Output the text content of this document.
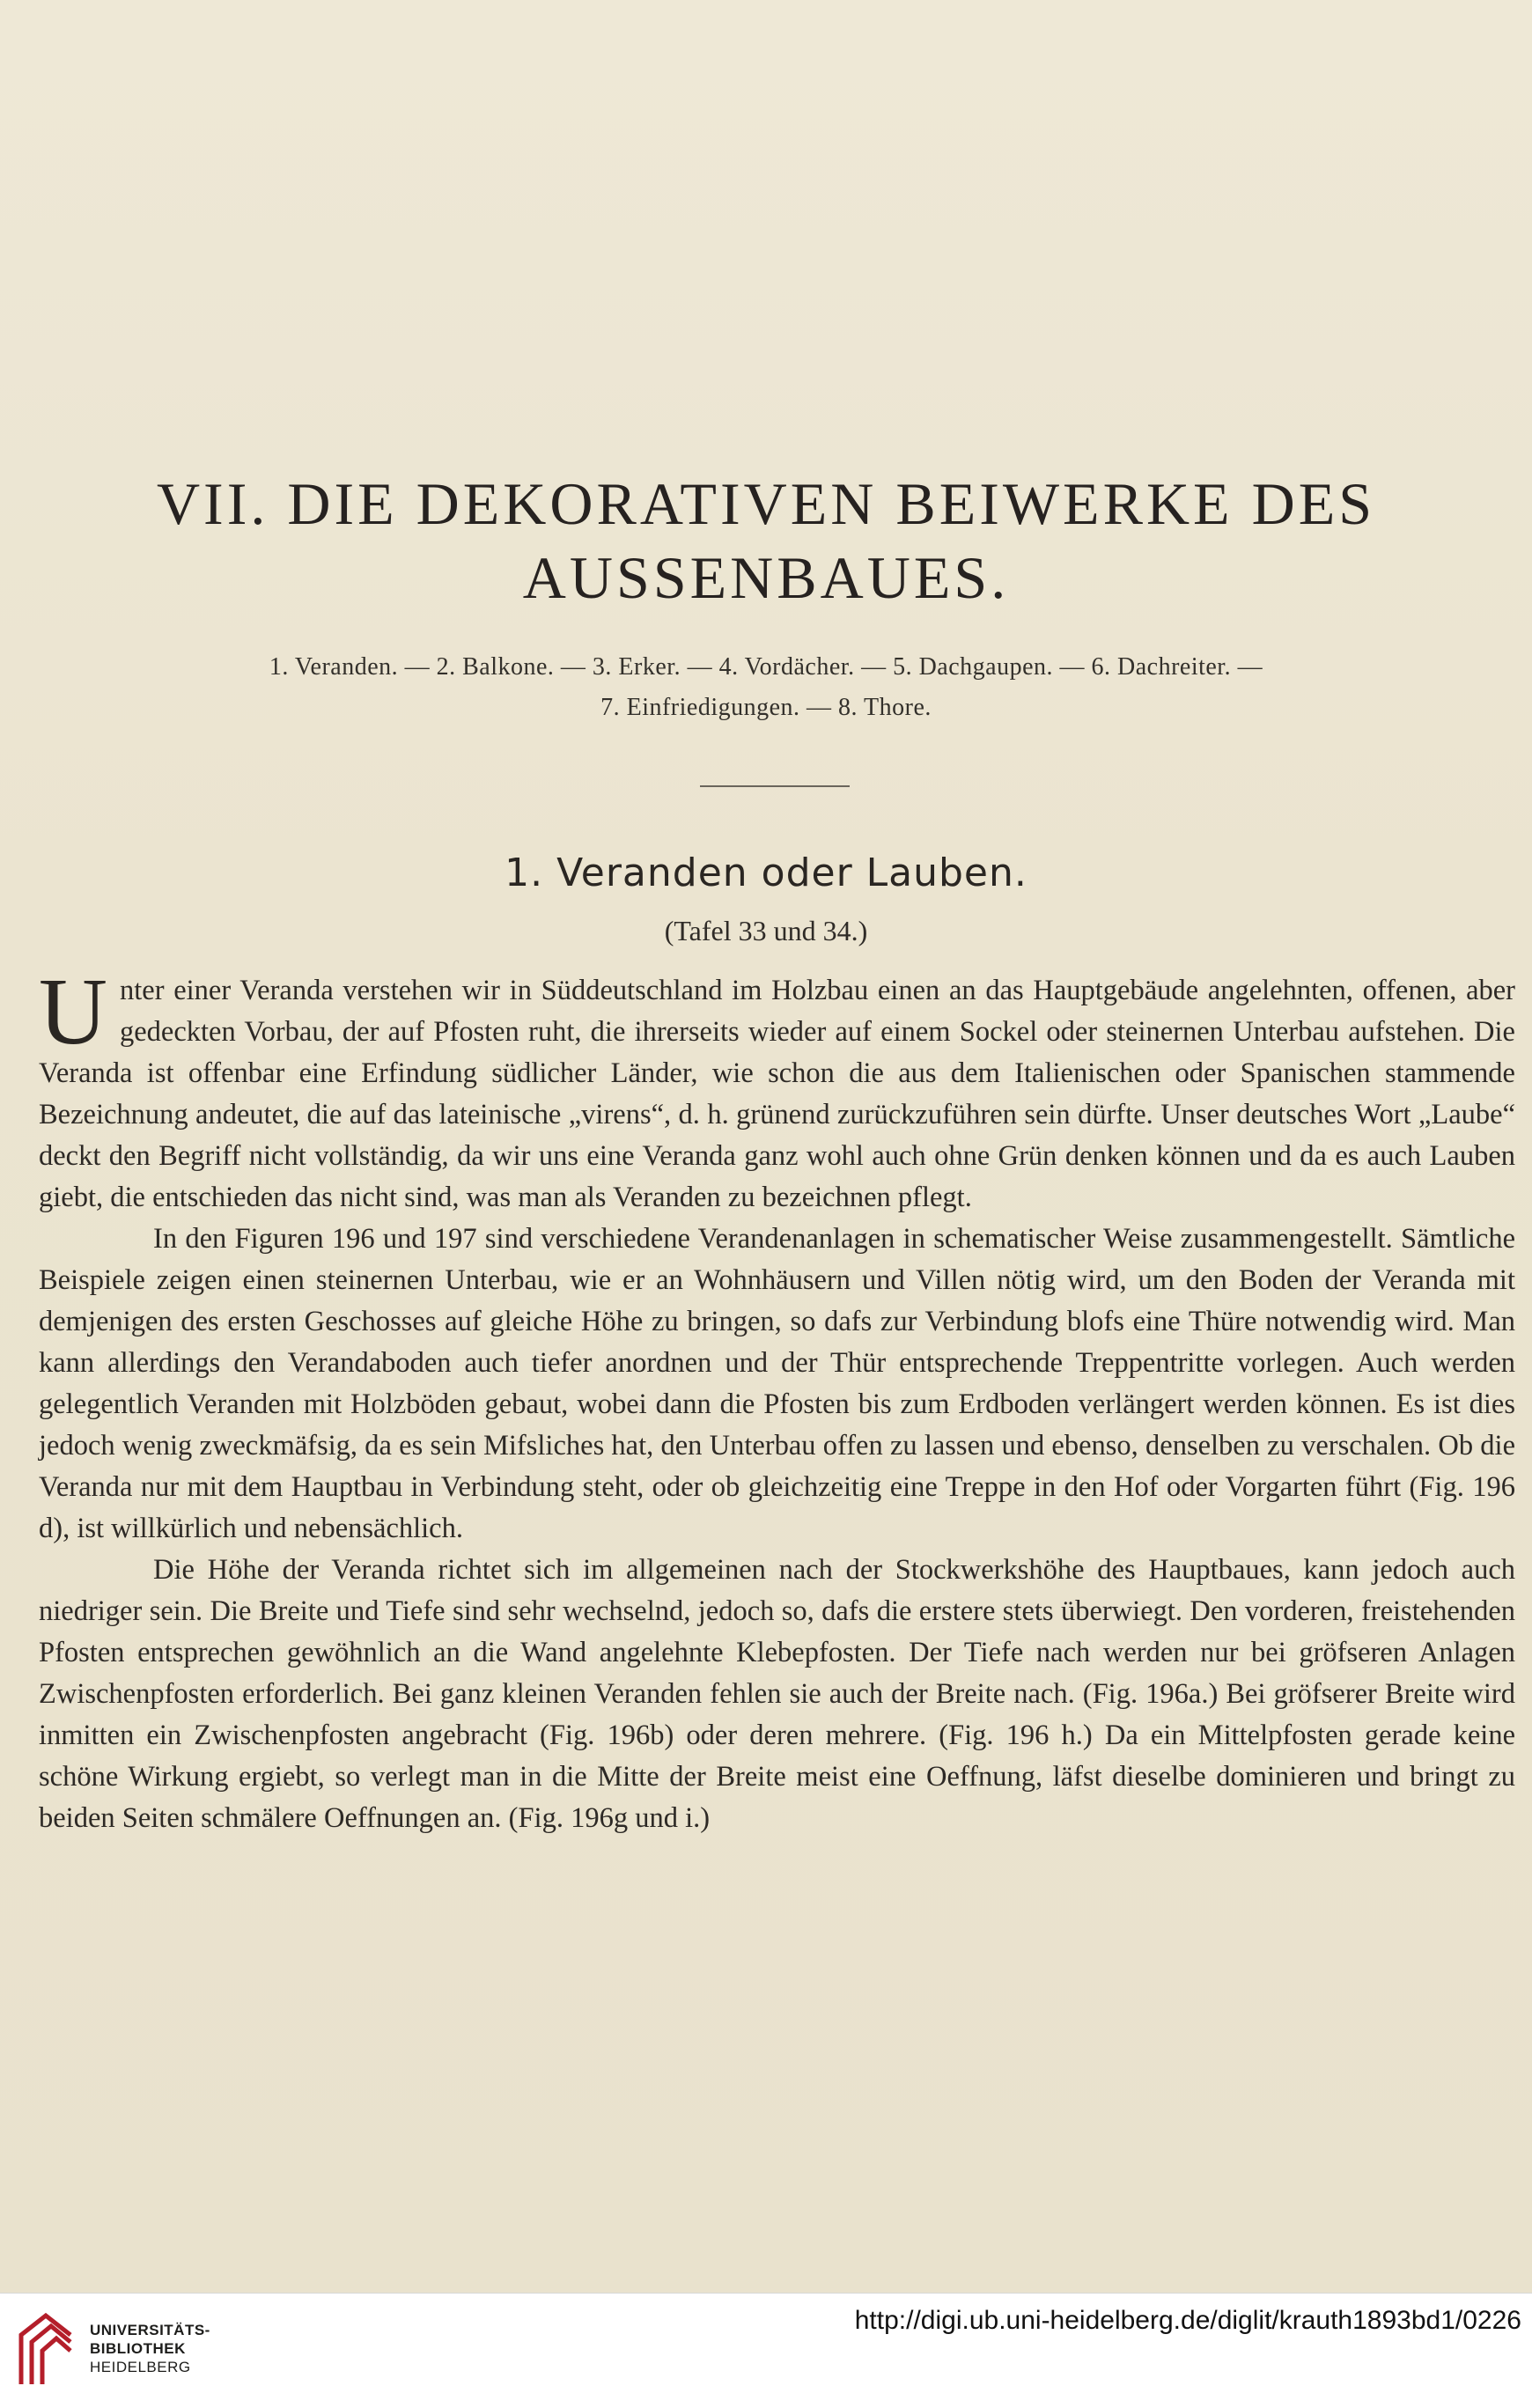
VII. DIE DEKORATIVEN BEIWERKE DES
AUSSENBAUES.
1. Veranden. — 2. Balkone. — 3. Erker. — 4. Vordächer. — 5. Dachgaupen. — 6. Dachreiter. —
7. Einfriedigungen. — 8. Thore.
1. Veranden oder Lauben.
(Tafel 33 und 34.)

Unter einer Veranda verstehen wir in Süddeutschland im Holzbau einen an das Hauptgebäude angelehnten, offenen, aber gedeckten Vorbau, der auf Pfosten ruht, die ihrerseits wieder auf einem Sockel oder steinernen Unterbau aufstehen. Die Veranda ist offenbar eine Erfindung südlicher Länder, wie schon die aus dem Italienischen oder Spanischen stammende Bezeichnung andeutet, die auf das lateinische „virens“, d. h. grünend zurückzuführen sein dürfte. Unser deutsches Wort „Laube“ deckt den Begriff nicht vollständig, da wir uns eine Veranda ganz wohl auch ohne Grün denken können und da es auch Lauben giebt, die entschieden das nicht sind, was man als Veranden zu bezeichnen pflegt.

In den Figuren 196 und 197 sind verschiedene Verandenanlagen in schematischer Weise zusammengestellt. Sämtliche Beispiele zeigen einen steinernen Unterbau, wie er an Wohnhäusern und Villen nötig wird, um den Boden der Veranda mit demjenigen des ersten Geschosses auf gleiche Höhe zu bringen, so dafs zur Verbindung blofs eine Thüre notwendig wird. Man kann allerdings den Verandaboden auch tiefer anordnen und der Thür entsprechende Treppentritte vorlegen. Auch werden gelegentlich Veranden mit Holzböden gebaut, wobei dann die Pfosten bis zum Erdboden verlängert werden können. Es ist dies jedoch wenig zweckmäfsig, da es sein Mifsliches hat, den Unterbau offen zu lassen und ebenso, denselben zu verschalen. Ob die Veranda nur mit dem Hauptbau in Verbindung steht, oder ob gleichzeitig eine Treppe in den Hof oder Vorgarten führt (Fig. 196 d), ist willkürlich und nebensächlich.

Die Höhe der Veranda richtet sich im allgemeinen nach der Stockwerkshöhe des Hauptbaues, kann jedoch auch niedriger sein. Die Breite und Tiefe sind sehr wechselnd, jedoch so, dafs die erstere stets überwiegt. Den vorderen, freistehenden Pfosten entsprechen gewöhnlich an die Wand angelehnte Klebepfosten. Der Tiefe nach werden nur bei gröfseren Anlagen Zwischenpfosten erforderlich. Bei ganz kleinen Veranden fehlen sie auch der Breite nach. (Fig. 196a.) Bei gröfserer Breite wird inmitten ein Zwischenpfosten angebracht (Fig. 196b) oder deren mehrere. (Fig. 196 h.) Da ein Mittelpfosten gerade keine schöne Wirkung ergiebt, so verlegt man in die Mitte der Breite meist eine Oeffnung, läfst dieselbe dominieren und bringt zu beiden Seiten schmälere Oeffnungen an. (Fig. 196g und i.)

UNIVERSITÄTS-
BIBLIOTHEK
HEIDELBERG
http://digi.ub.uni-heidelberg.de/diglit/krauth1893bd1/0226
